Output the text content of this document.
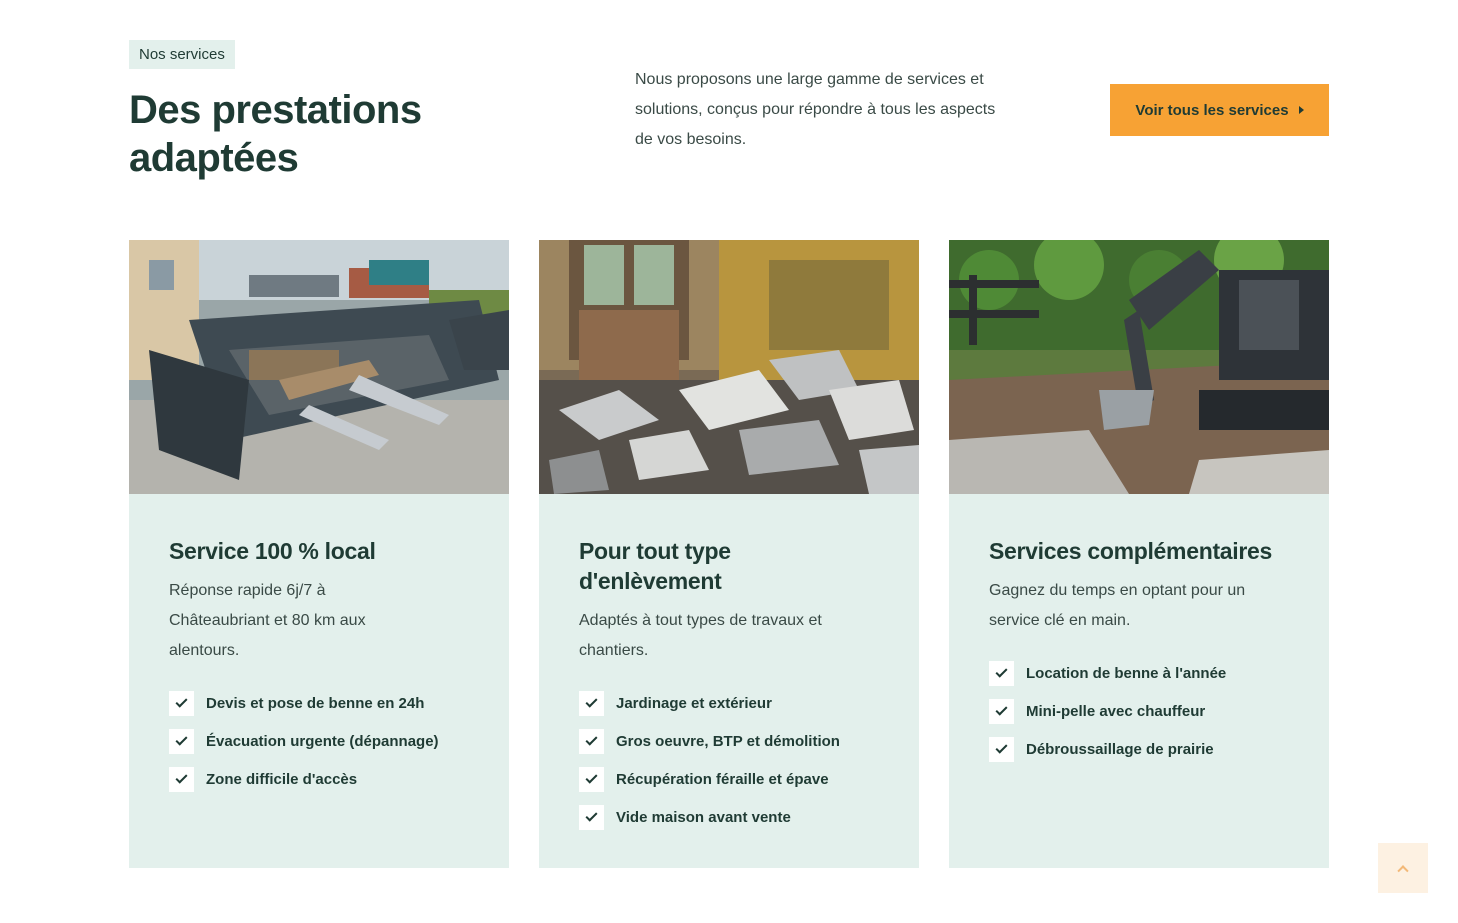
Nos services
Des prestations adaptées

Nous proposons une large gamme de services et solutions, conçus pour répondre à tous les aspects de vos besoins.

Voir tous les services
Service 100 % local

Réponse rapide 6j/7 à Châteaubriant et 80 km aux alentours.

Devis et pose de benne en 24h
Évacuation urgente (dépannage)
Zone difficile d'accès
Pour tout type d'enlèvement

Adaptés à tout types de travaux et chantiers.

Jardinage et extérieur
Gros oeuvre, BTP et démolition
Récupération féraille et épave
Vide maison avant vente
Services complémentaires

Gagnez du temps en optant pour un service clé en main.

Location de benne à l'année
Mini-pelle avec chauffeur
Débroussaillage de prairie
